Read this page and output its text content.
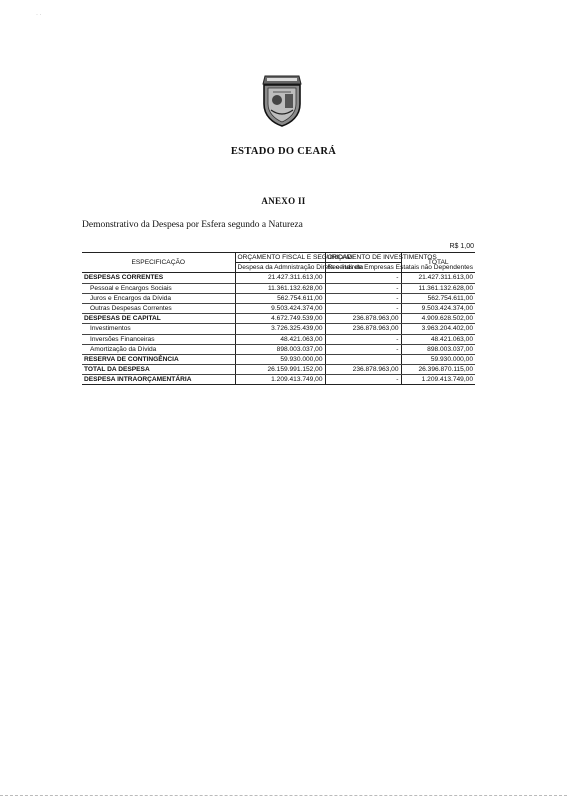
· ·
ESTADO DO CEARÁ
ANEXO II
Demonstrativo da Despesa por Esfera segundo a Natureza
R$ 1,00
ESPECIFICAÇÃO	ORÇAMENTO FISCAL E SEGURIDADE	ORÇAMENTO DE INVESTIMENTOS	TOTAL
	Despesa da Admnistração Direta e Indireta	Receitas de Empresas Estatais não Dependentes	
DESPESAS CORRENTES	21.427.311.613,00	-	21.427.311.613,00
Pessoal e Encargos Sociais	11.361.132.628,00	-	11.361.132.628,00
Juros e Encargos da Dívida	562.754.611,00	-	562.754.611,00
Outras Despesas Correntes	9.503.424.374,00	-	9.503.424.374,00
DESPESAS DE CAPITAL	4.672.749.539,00	236.878.963,00	4.909.628.502,00
Investimentos	3.726.325.439,00	236.878.963,00	3.963.204.402,00
Inversões Financeiras	48.421.063,00	-	48.421.063,00
Amortização da Dívida	898.003.037,00	-	898.003.037,00
RESERVA DE CONTINGÊNCIA	59.930.000,00		59.930.000,00
TOTAL DA DESPESA	26.159.991.152,00	236.878.963,00	26.396.870.115,00
DESPESA INTRAORÇAMENTÁRIA	1.209.413.749,00	-	1.209.413.749,00
